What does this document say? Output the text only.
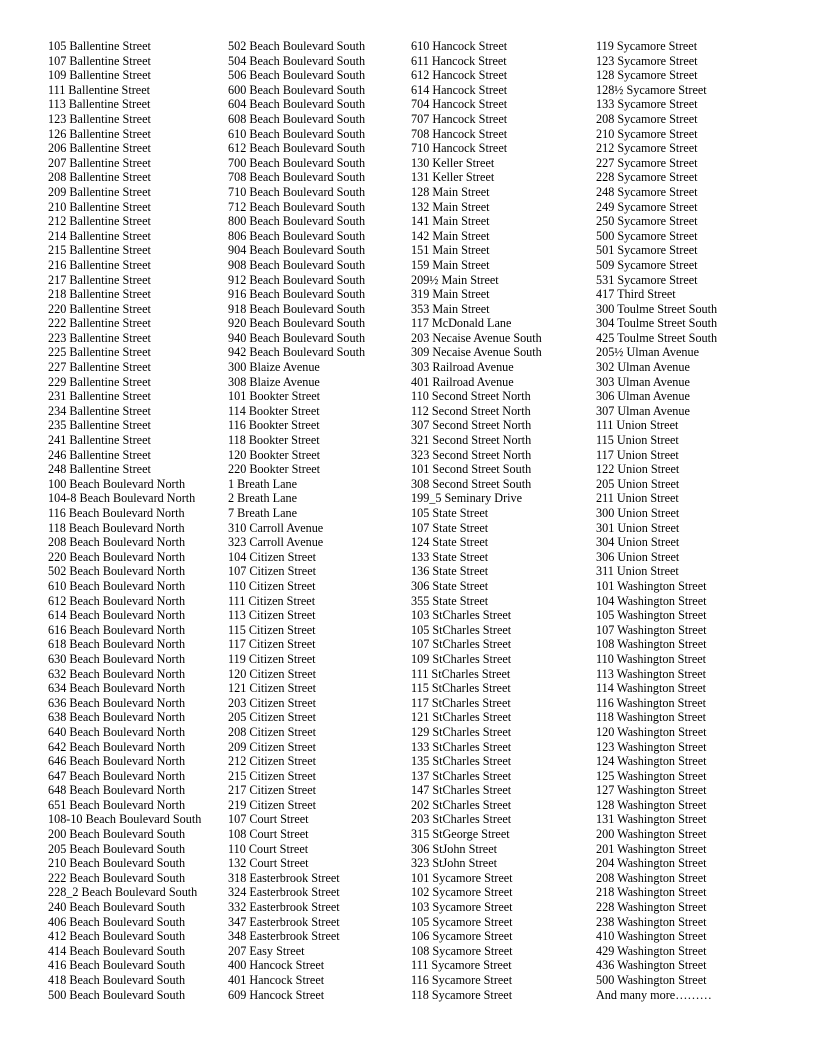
105 Ballentine Street
107 Ballentine Street
109 Ballentine Street
111 Ballentine Street
113 Ballentine Street
123 Ballentine Street
126 Ballentine Street
206 Ballentine Street
207 Ballentine Street
208 Ballentine Street
209 Ballentine Street
210 Ballentine Street
212 Ballentine Street
214 Ballentine Street
215 Ballentine Street
216 Ballentine Street
217 Ballentine Street
218 Ballentine Street
220 Ballentine Street
222 Ballentine Street
223 Ballentine Street
225 Ballentine Street
227 Ballentine Street
229 Ballentine Street
231 Ballentine Street
234 Ballentine Street
235 Ballentine Street
241 Ballentine Street
246 Ballentine Street
248 Ballentine Street
100 Beach Boulevard North
104-8 Beach Boulevard North
116 Beach Boulevard North
118 Beach Boulevard North
208 Beach Boulevard North
220 Beach Boulevard North
502 Beach Boulevard North
610 Beach Boulevard North
612 Beach Boulevard North
614 Beach Boulevard North
616 Beach Boulevard North
618 Beach Boulevard North
630 Beach Boulevard North
632 Beach Boulevard North
634 Beach Boulevard North
636 Beach Boulevard North
638 Beach Boulevard North
640 Beach Boulevard North
642 Beach Boulevard North
646 Beach Boulevard North
647 Beach Boulevard North
648 Beach Boulevard North
651 Beach Boulevard North
108-10 Beach Boulevard South
200 Beach Boulevard South
205 Beach Boulevard South
210 Beach Boulevard South
222 Beach Boulevard South
228_2 Beach Boulevard South
240 Beach Boulevard South
406 Beach Boulevard South
412 Beach Boulevard South
414 Beach Boulevard South
416 Beach Boulevard South
418 Beach Boulevard South
500 Beach Boulevard South
502 Beach Boulevard South
504 Beach Boulevard South
506 Beach Boulevard South
600 Beach Boulevard South
604 Beach Boulevard South
608 Beach Boulevard South
610 Beach Boulevard South
612 Beach Boulevard South
700 Beach Boulevard South
708 Beach Boulevard South
710 Beach Boulevard South
712 Beach Boulevard South
800 Beach Boulevard South
806 Beach Boulevard South
904 Beach Boulevard South
908 Beach Boulevard South
912 Beach Boulevard South
916 Beach Boulevard South
918 Beach Boulevard South
920 Beach Boulevard South
940 Beach Boulevard South
942 Beach Boulevard South
300 Blaize Avenue
308 Blaize Avenue
101 Bookter Street
114 Bookter Street
116 Bookter Street
118 Bookter Street
120 Bookter Street
220 Bookter Street
1 Breath Lane
2 Breath Lane
7 Breath Lane
310 Carroll Avenue
323 Carroll Avenue
104 Citizen Street
107 Citizen Street
110 Citizen Street
111 Citizen Street
113 Citizen Street
115 Citizen Street
117 Citizen Street
119 Citizen Street
120 Citizen Street
121 Citizen Street
203 Citizen Street
205 Citizen Street
208 Citizen Street
209 Citizen Street
212 Citizen Street
215 Citizen Street
217 Citizen Street
219 Citizen Street
107 Court Street
108 Court Street
110 Court Street
132 Court Street
318 Easterbrook Street
324 Easterbrook Street
332 Easterbrook Street
347 Easterbrook Street
348 Easterbrook Street
207 Easy Street
400 Hancock Street
401 Hancock Street
609 Hancock Street
610 Hancock Street
611 Hancock Street
612 Hancock Street
614 Hancock Street
704 Hancock Street
707 Hancock Street
708 Hancock Street
710 Hancock Street
130 Keller Street
131 Keller Street
128 Main Street
132 Main Street
141 Main Street
142 Main Street
151 Main Street
159 Main Street
209½ Main Street
319 Main Street
353 Main Street
117 McDonald Lane
203 Necaise Avenue South
309 Necaise Avenue South
303 Railroad Avenue
401 Railroad Avenue
110 Second Street North
112 Second Street North
307 Second Street North
321 Second Street North
323 Second Street North
101 Second Street South
308 Second Street South
199_5 Seminary Drive
105 State Street
107 State Street
124 State Street
133 State Street
136 State Street
306 State Street
355 State Street
103 StCharles Street
105 StCharles Street
107 StCharles Street
109 StCharles Street
111 StCharles Street
115 StCharles Street
117 StCharles Street
121 StCharles Street
129 StCharles Street
133 StCharles Street
135 StCharles Street
137 StCharles Street
147 StCharles Street
202 StCharles Street
203 StCharles Street
315 StGeorge Street
306 StJohn Street
323 StJohn Street
101 Sycamore Street
102 Sycamore Street
103 Sycamore Street
105 Sycamore Street
106 Sycamore Street
108 Sycamore Street
111 Sycamore Street
116 Sycamore Street
118 Sycamore Street
119 Sycamore Street
123 Sycamore Street
128 Sycamore Street
128½ Sycamore Street
133 Sycamore Street
208 Sycamore Street
210 Sycamore Street
212 Sycamore Street
227 Sycamore Street
228 Sycamore Street
248 Sycamore Street
249 Sycamore Street
250 Sycamore Street
500 Sycamore Street
501 Sycamore Street
509 Sycamore Street
531 Sycamore Street
417 Third Street
300 Toulme Street South
304 Toulme Street South
425 Toulme Street South
205½ Ulman Avenue
302 Ulman Avenue
303 Ulman Avenue
306 Ulman Avenue
307 Ulman Avenue
111 Union Street
115 Union Street
117 Union Street
122 Union Street
205 Union Street
211 Union Street
300 Union Street
301 Union Street
304 Union Street
306 Union Street
311 Union Street
101 Washington Street
104 Washington Street
105 Washington Street
107 Washington Street
108 Washington Street
110 Washington Street
113 Washington Street
114 Washington Street
116 Washington Street
118 Washington Street
120 Washington Street
123 Washington Street
124 Washington Street
125 Washington Street
127 Washington Street
128 Washington Street
131 Washington Street
200 Washington Street
201 Washington Street
204 Washington Street
208 Washington Street
218 Washington Street
228 Washington Street
238 Washington Street
410 Washington Street
429 Washington Street
436 Washington Street
500 Washington Street
And many more………
